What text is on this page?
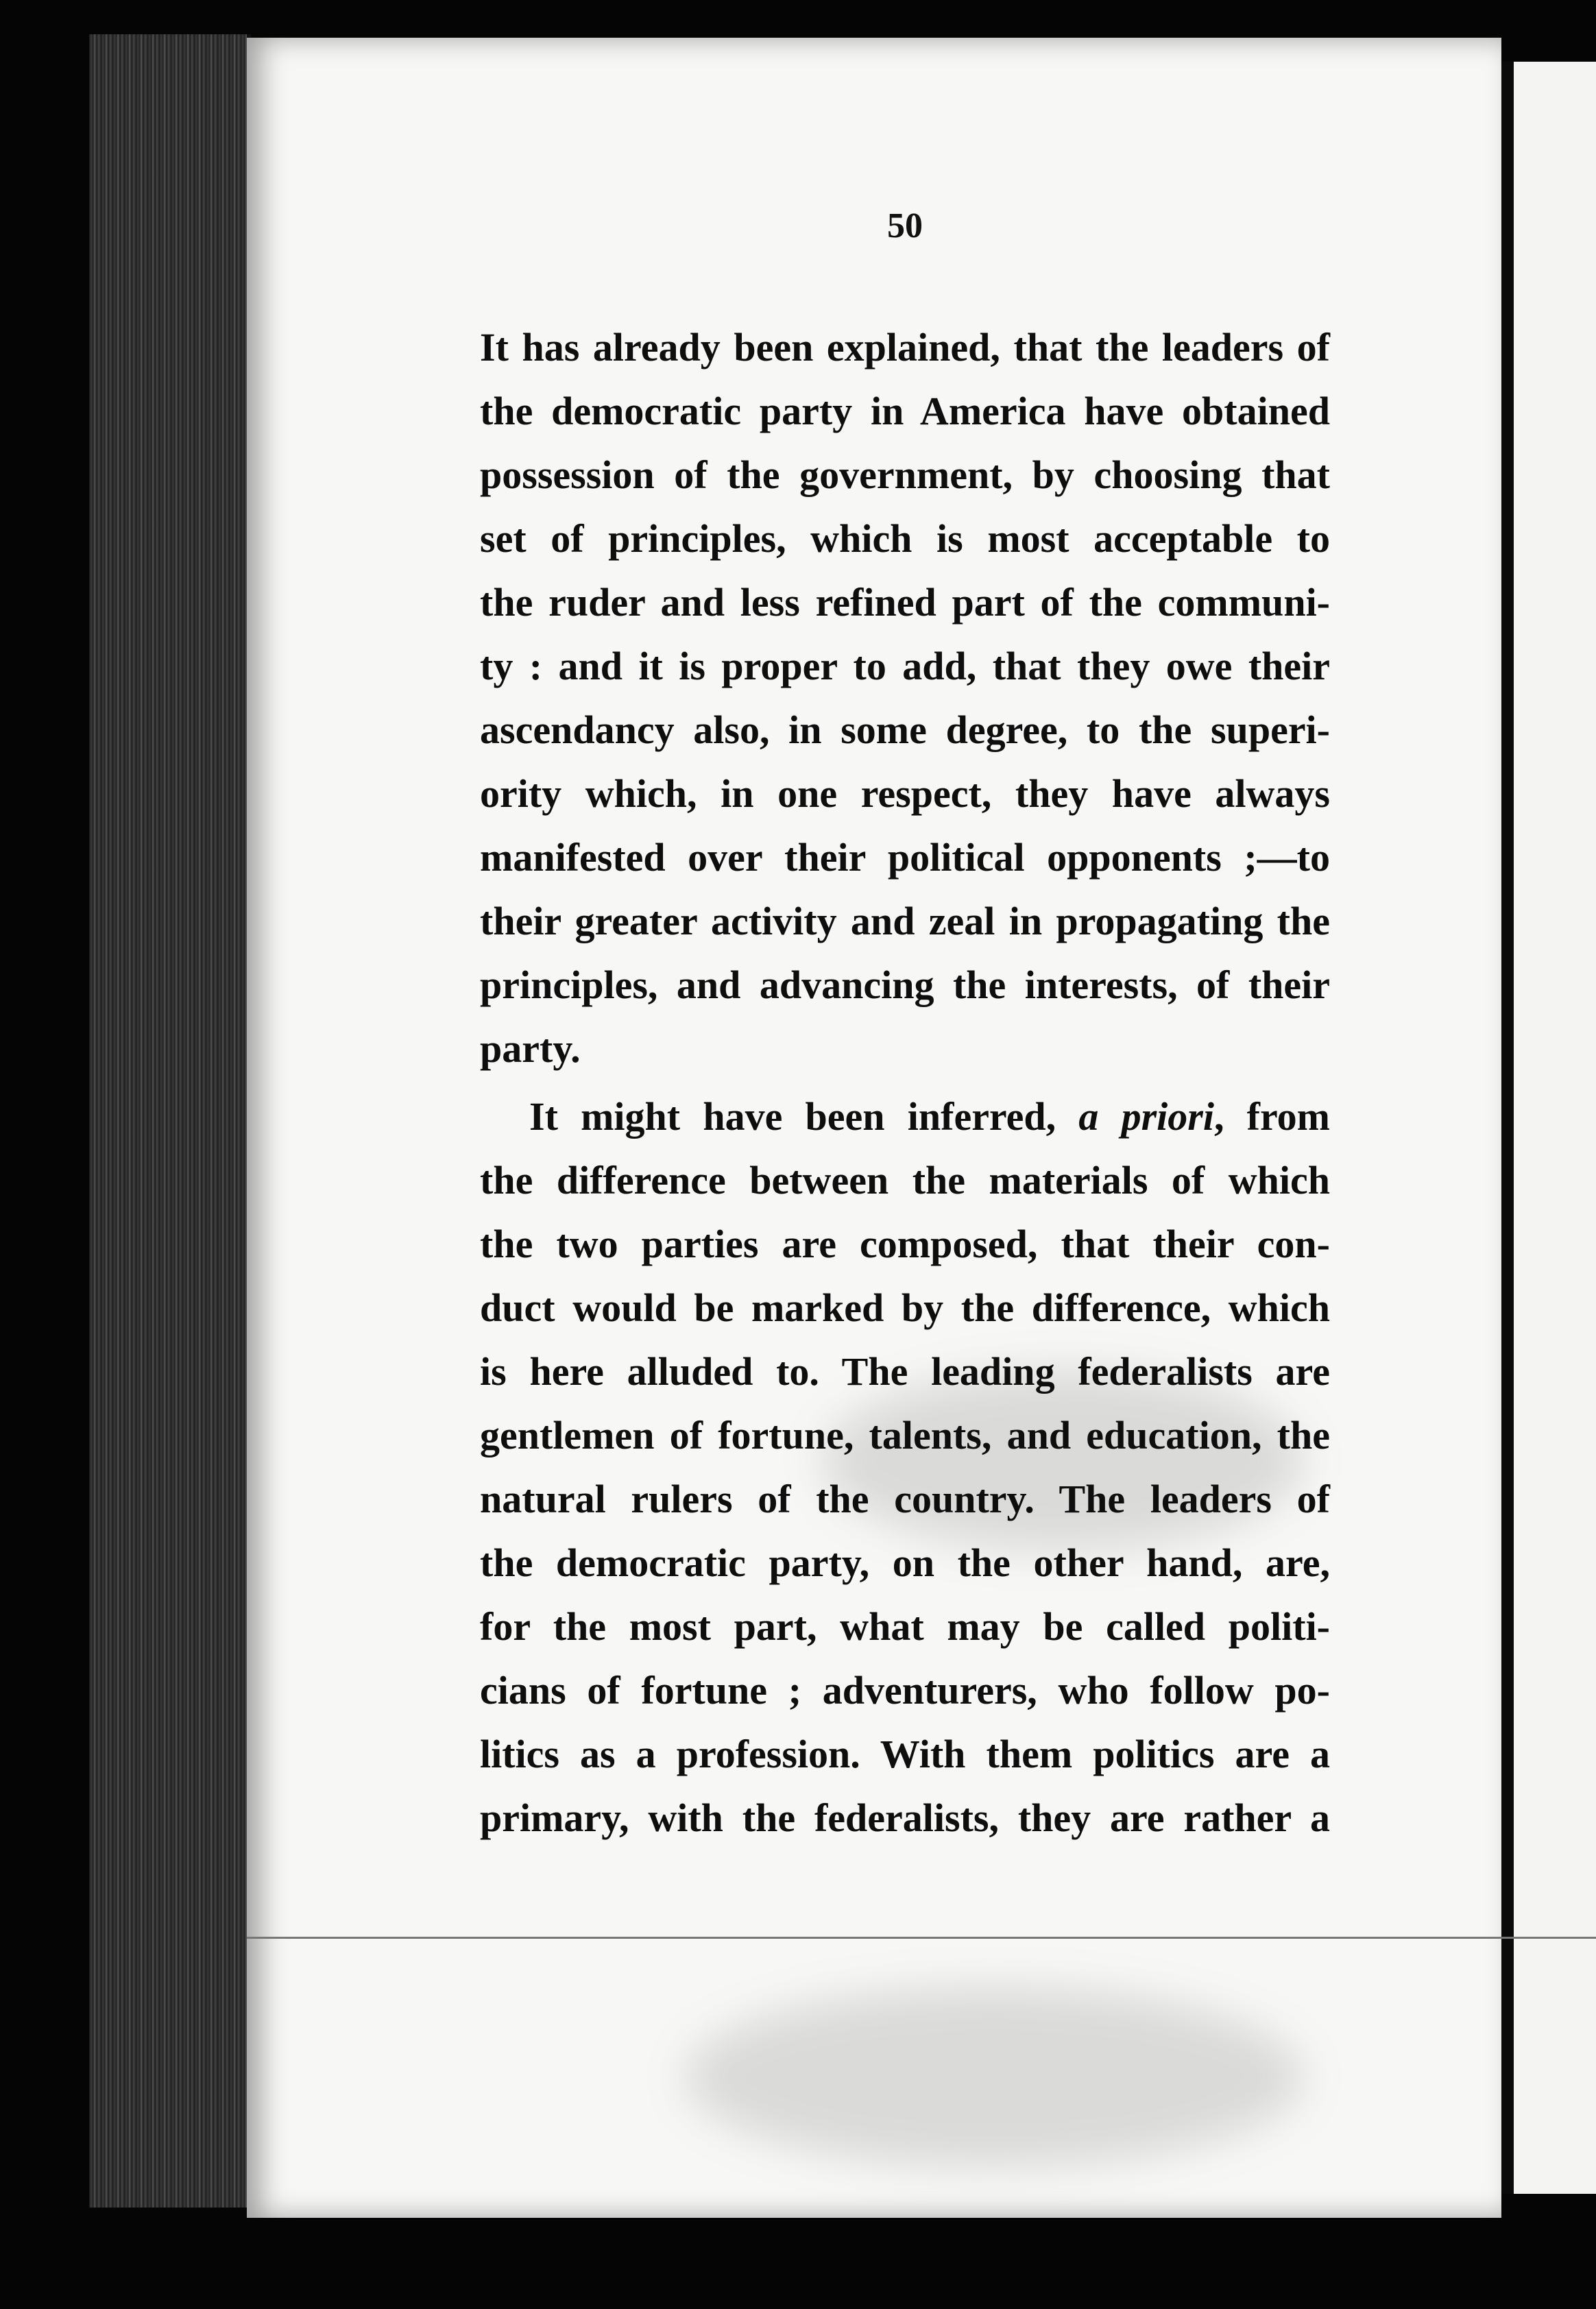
50
It has already been explained, that the leaders of
the democratic party in America have obtained
possession of the government, by choosing that
set of principles, which is most acceptable to
the ruder and less refined part of the communi-
ty : and it is proper to add, that they owe their
ascendancy also, in some degree, to the superi-
ority which, in one respect, they have always
manifested over their political opponents ;—to
their greater activity and zeal in propagating the
principles, and advancing the interests, of their
party.
It might have been inferred, a priori, from
the difference between the materials of which
the two parties are composed, that their con-
duct would be marked by the difference, which
is here alluded to. The leading federalists are
gentlemen of fortune, talents, and education, the
natural rulers of the country. The leaders of
the democratic party, on the other hand, are,
for the most part, what may be called politi-
cians of fortune ; adventurers, who follow po-
litics as a profession. With them politics are a
primary, with the federalists, they are rather a
